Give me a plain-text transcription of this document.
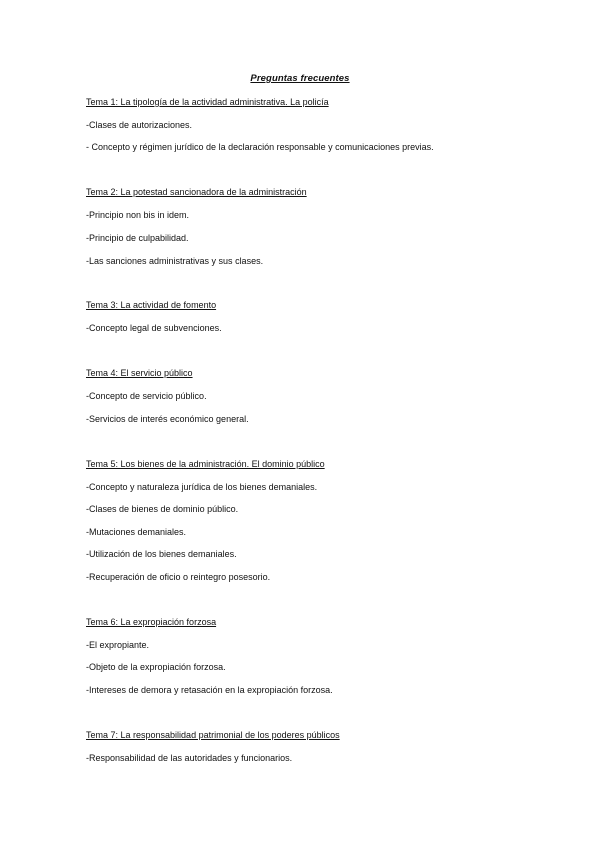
Preguntas frecuentes
Tema 1: La tipología de la actividad administrativa. La policía
-Clases de autorizaciones.
- Concepto y régimen jurídico de la declaración responsable y comunicaciones previas.
Tema 2: La potestad sancionadora de la administración
-Principio non bis in idem.
-Principio de culpabilidad.
-Las sanciones administrativas y sus clases.
Tema 3: La actividad de fomento
-Concepto legal de subvenciones.
Tema 4: El servicio público
-Concepto de servicio público.
-Servicios de interés económico general.
Tema 5: Los bienes de la administración. El dominio público
-Concepto y naturaleza jurídica de los bienes demaniales.
-Clases de bienes de dominio público.
-Mutaciones demaniales.
-Utilización de los bienes demaniales.
-Recuperación de oficio o reintegro posesorio.
Tema 6: La expropiación forzosa
-El expropiante.
-Objeto de la expropiación forzosa.
-Intereses de demora y retasación en la expropiación forzosa.
Tema 7: La responsabilidad patrimonial de los poderes públicos
-Responsabilidad de las autoridades y funcionarios.
